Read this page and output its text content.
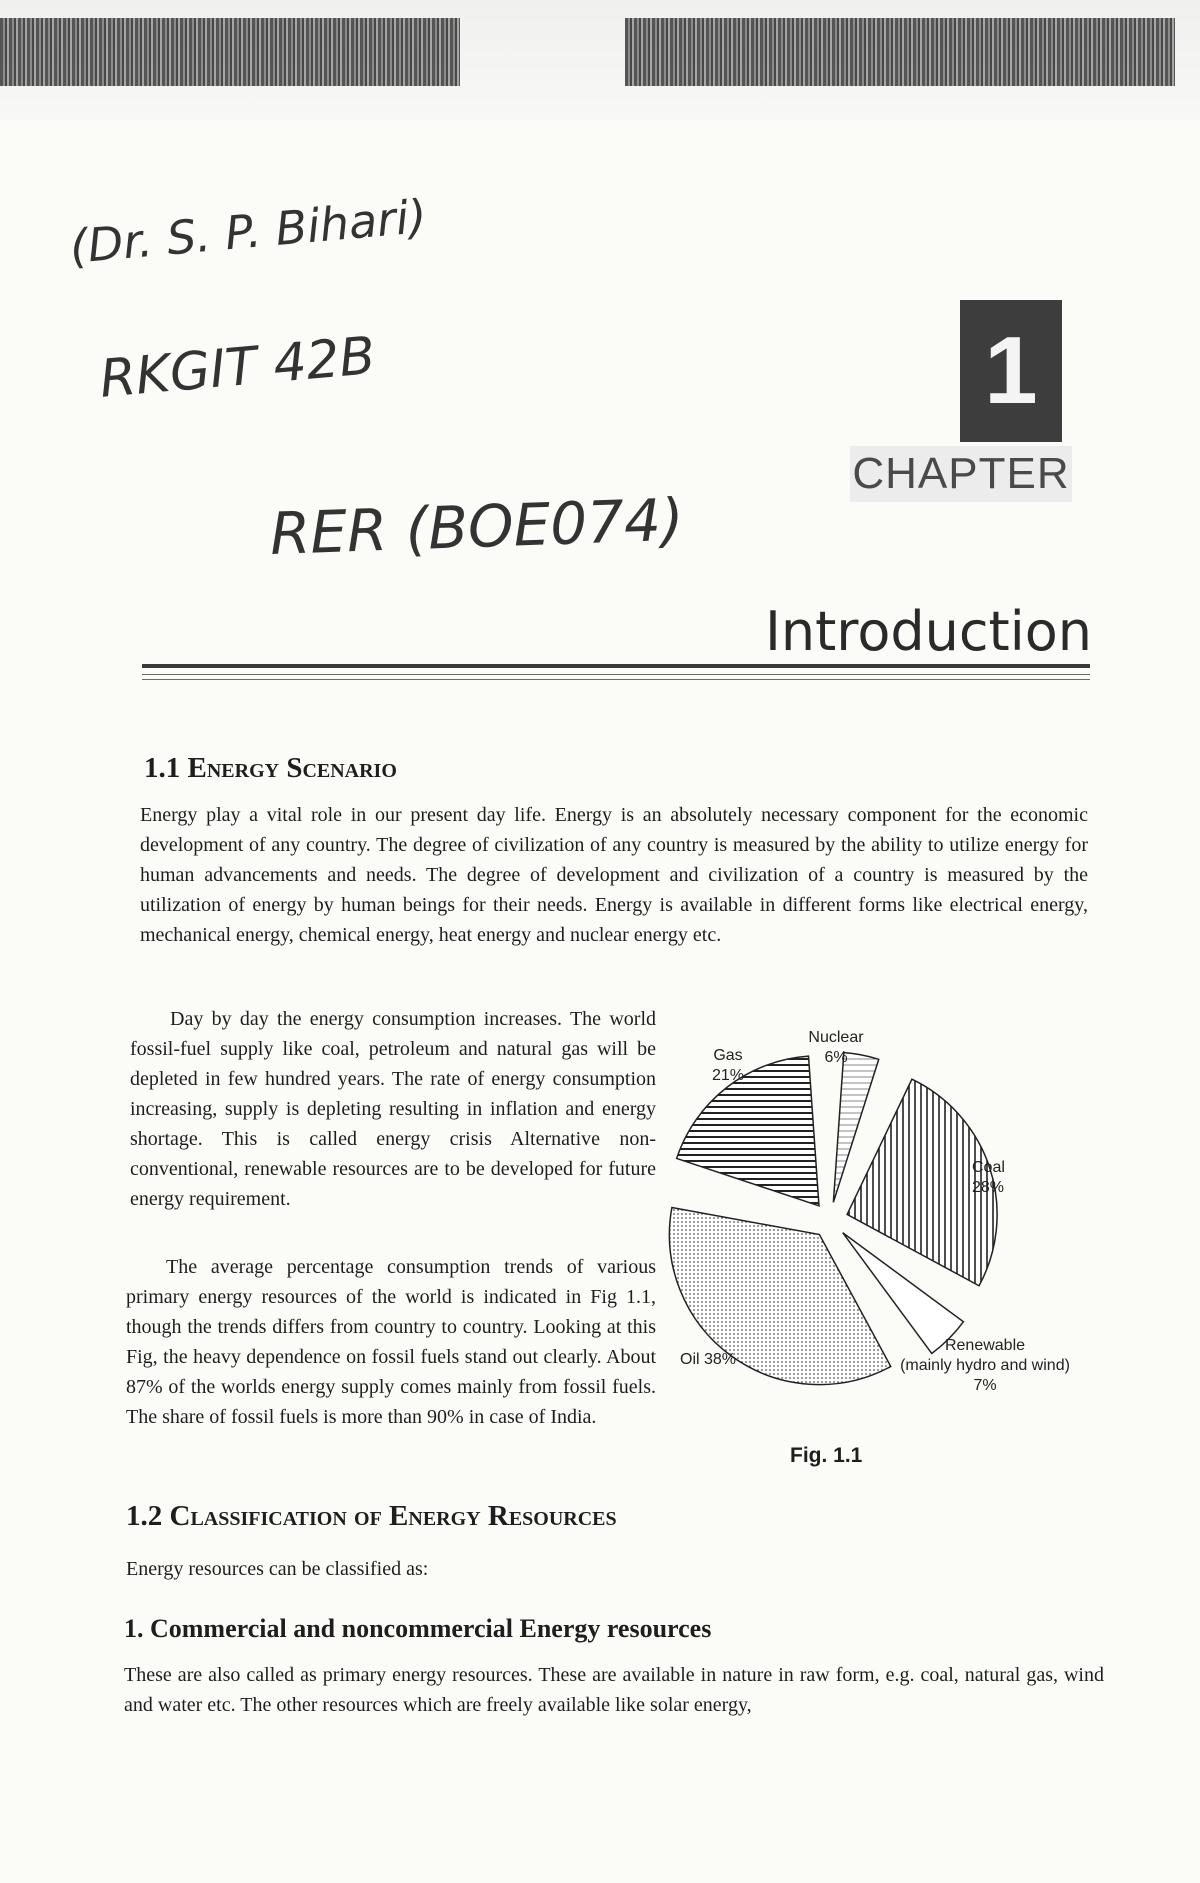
(Dr. S. P. Bihari)
RKGIT 42B
RER (BOE074)
1
CHAPTER
Introduction
1.1 Energy Scenario

Energy play a vital role in our present day life. Energy is an absolutely necessary component for the economic development of any country. The degree of civilization of any country is measured by the ability to utilize energy for human advancements and needs. The degree of development and civilization of a country is measured by the utilization of energy by human beings for their needs. Energy is available in different forms like electrical energy, mechanical energy, chemical energy, heat energy and nuclear energy etc.

Day by day the energy consumption increases. The world fossil-fuel supply like coal, petroleum and natural gas will be depleted in few hundred years. The rate of energy consumption increasing, supply is depleting resulting in inflation and energy shortage. This is called energy crisis Alternative non-conventional, renewable resources are to be developed for future energy requirement.

The average percentage consumption trends of various primary energy resources of the world is indicated in Fig 1.1, though the trends differs from country to country. Looking at this Fig, the heavy dependence on fossil fuels stand out clearly. About 87% of the worlds energy supply comes mainly from fossil fuels. The share of fossil fuels is more than 90% in case of India.

Nuclear
6%
Coal
28%
Renewable
(mainly hydro and wind)
7%
Oil 38%
Gas
21%
Fig. 1.1
1.2 Classification of Energy Resources

Energy resources can be classified as:

1. Commercial and noncommercial Energy resources

These are also called as primary energy resources. These are available in nature in raw form, e.g. coal, natural gas, wind and water etc. The other resources which are freely available like solar energy,
